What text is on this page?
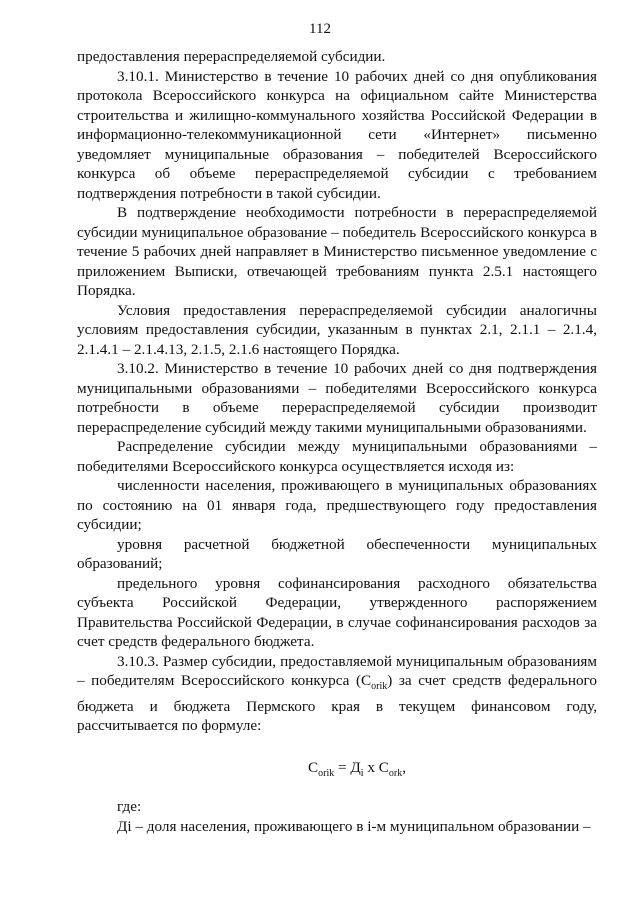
112

предоставления перераспределяемой субсидии.

3.10.1. Министерство в течение 10 рабочих дней со дня опубликования протокола Всероссийского конкурса на официальном сайте Министерства строительства и жилищно-коммунального хозяйства Российской Федерации в информационно-телекоммуникационной сети «Интернет» письменно уведомляет муниципальные образования – победителей Всероссийского конкурса об объеме перераспределяемой субсидии с требованием подтверждения потребности в такой субсидии.

В подтверждение необходимости потребности в перераспределяемой субсидии муниципальное образование – победитель Всероссийского конкурса в течение 5 рабочих дней направляет в Министерство письменное уведомление с приложением Выписки, отвечающей требованиям пункта 2.5.1 настоящего Порядка.

Условия предоставления перераспределяемой субсидии аналогичны условиям предоставления субсидии, указанным в пунктах 2.1, 2.1.1 – 2.1.4, 2.1.4.1 – 2.1.4.13, 2.1.5, 2.1.6 настоящего Порядка.

3.10.2. Министерство в течение 10 рабочих дней со дня подтверждения муниципальными образованиями – победителями Всероссийского конкурса потребности в объеме перераспределяемой субсидии производит перераспределение субсидий между такими муниципальными образованиями.

Распределение субсидии между муниципальными образованиями – победителями Всероссийского конкурса осуществляется исходя из:

численности населения, проживающего в муниципальных образованиях по состоянию на 01 января года, предшествующего году предоставления субсидии;

уровня расчетной бюджетной обеспеченности муниципальных образований;

предельного уровня софинансирования расходного обязательства субъекта Российской Федерации, утвержденного распоряжением Правительства Российской Федерации, в случае софинансирования расходов за счет средств федерального бюджета.

3.10.3. Размер субсидии, предоставляемой муниципальным образованиям – победителям Всероссийского конкурса $(С_{orik})$ за счет средств федерального бюджета и бюджета Пермского края в текущем финансовом году, рассчитывается по формуле:

$С_{orik} = Д_i$ х $С_{ork}$,

где:

Дi – доля населения, проживающего в i-м муниципальном образовании –
